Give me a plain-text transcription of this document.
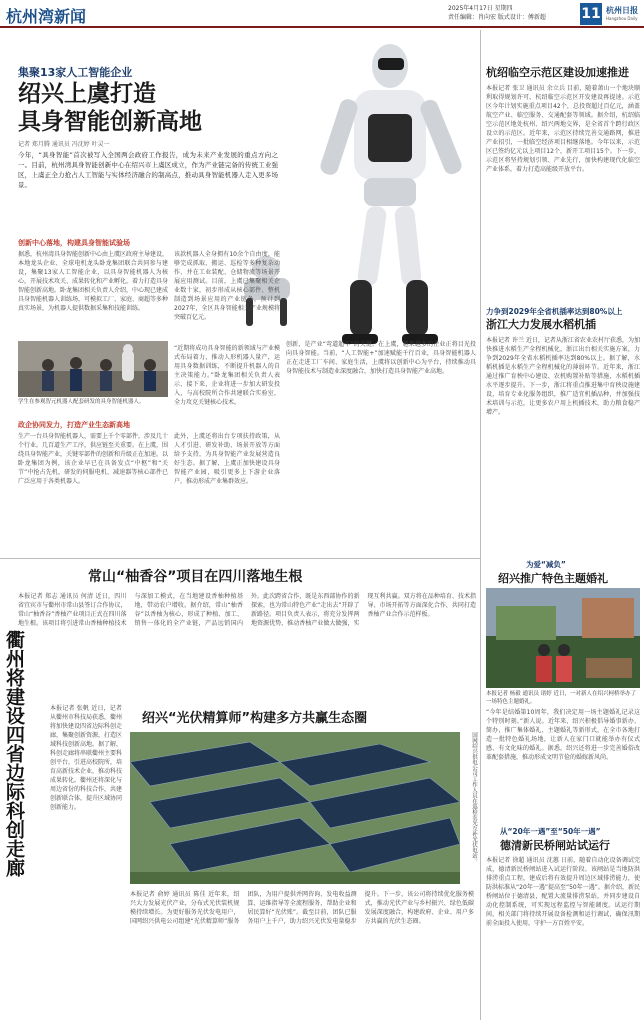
杭州湾新闻	2025年4月17日 星期四
责任编辑：肖向宏 版式设计：傅新超	11 杭州日报
Hangzhou Daily
集聚13家人工智能企业
绍兴上虞打造
具身智能创新高地
记者 郑月腾 通讯员 冯沈婷 叶灵一
今年，“具身智能”首次被写入全国两会政府工作报告，成为未来产业发展的重点方向之一。目前，杭州湾具身智能创新中心在绍兴市上虞区成立，作为产业链完备的传统工业强区，上虞正全力抢占人工智能与实体经济融合的制高点，推动具身智能机器人走入更多场景。
创新中心落地，构建具身智能试验场
据悉，杭州湾具身智能创新中心由上虞区政府主导建设，本地龙头企业、全球电机龙头卧龙集团联合共同参与建设，集聚13家人工智能企业，以具身智能机器人为核心，开展技术攻关、成果转化和产业孵化，着力打造具身智能创新高地。卧龙集团相关负责人介绍，中心现已建成具身智能机器人训练场，可模拟工厂、家庭、商超等多种真实场景，为机器人提供数据采集和技能训练。
学生在参观智元机器人配套研发的具身智能机器人。
政企协同发力，打造产业生态新高地
生产一台具身智能机器人，需要上千个零部件，涉及几十个行业。几百道生产工序，供应链至关重要。在上虞，围绕具身智能产业，关键零部件的创新和升级正在加速。以卧龙集团为例，该企业早已在具备发点“中枢”和“关节”中抢占先机，研发的伺服电机、减速器等核心部件已广泛应用于各类机器人。
该款机器人全身拥有10余个自由度，能够完成抓取、搬运、巡检等多种复杂动作，并在工业装配、仓储物流等场景开展应用测试。目前，上虞已集聚相关企业数十家，初步形成从核心部件、整机制造到场景应用的产业链条，预计到2027年，全区具身智能相关产业规模将突破百亿元。
“近期将成功具身智能的新领域与产业模式布局着力，推动人形机器人量产，运用具身数据训练，不断提升机器人的自主决策能力。”卧龙集团相关负责人表示，接下来，企业将进一步加大研发投入，与高校院所合作共建联合实验室，全力攻克关键核心技术。
此外，上虞还将出台专项扶持政策，从人才引进、研发补助、场景开放等方面给予支持，为具身智能产业发展营造良好生态。据了解，上虞正加快建设具身智能产业园，吸引更多上下游企业落户，推动形成产业集群效应。
创新，是产业“弯道超车”的关键。在上虞，越来越多的企业正将目光投向具身智能。当前，“人工智能+”加速赋能千行百业，具身智能机器人正在走进工厂车间、家庭生活，上虞将以创新中心为平台，持续推动具身智能技术与制造业深度融合，加快打造具身智能产业高地。
杭绍临空示范区建设加速推进
本报记者 张卫 通讯员 余立兵 目前，随着萧山一个地块顺利取得规划许可，杭绍临空示范区开发建设再提速。示范区今年计划实施重点项目42个，总投资超过百亿元，涵盖航空产业、临空服务、交通配套等领域。据介绍，杭绍临空示范区地处杭州、绍兴两地交界，是全省首个跨行政区设立的示范区。近年来，示范区持续完善交通路网，推进产业招引，一批临空经济项目相继落地。今年以来，示范区已签约亿元以上项目12个，新开工项目15个。下一步，示范区将坚持规划引领、产业先行，加快构建现代化临空产业体系，着力打造高能级开放平台。
力争到2029年全省机插率达到80%以上
浙江大力发展水稻机插
本报记者 许兰 近日，记者从浙江省农业农村厅获悉，为加快推进水稻生产全程机械化，浙江出台相关实施方案，力争到2029年全省水稻机插率达到80%以上。据了解，水稻机插是水稻生产全程机械化的薄弱环节。近年来，浙江通过推广育秧中心建设、农机购置补贴等措施，水稻机插水平逐步提升。下一步，浙江将重点推进集中育秧设施建设，培育专业化服务组织，推广适宜机插品种，并加强技术培训与示范，让更多农户用上机插技术，助力粮食稳产增产。
为爱“减负”
绍兴推广特色主题婚礼
本报记者 杨毅 通讯员 诸婷 近日，一对新人在绍兴柯桥举办了一场特色主题婚礼。
“今年是结婚第10周年，我们决定用一场主题婚礼记录这个特别时刻。”新人说。近年来，绍兴积极倡导婚事新办、简办，推广集体婚礼、主题婚礼等新形式，在全市各地打造一批特色婚礼场地，让新人在家门口就能举办有仪式感、有文化味的婚礼。据悉，绍兴还将进一步完善婚俗改革配套措施，推动形成文明节俭的婚嫁新风尚。
从“20年一遇”至“50年一遇”
德清新民桥闸站试运行
本报记者 徐超 通讯员 沈蕙 日前，随着自动化设备调试完成，德清新民桥闸站进入试运行阶段。该闸站是当地防洪排涝重点工程，建成后将有效提升周边区域排涝能力，使防洪标准从“20年一遇”提高至“50年一遇”。据介绍，新民桥闸站位于德清县，配置大流量排涝泵站，并同步建设自动化控制系统，可实现远程监控与智能调度。试运行期间，相关部门将持续开展设备检测和运行调试，确保汛期前全面投入使用，守护一方百姓平安。
常山“柚香谷”项目在四川落地生根
本报记者 郑志 通讯员 何清 近日，四川省宜宾市与衢州市常山县签订合作协议，常山“柚香谷”香柚产业项目正式在四川落地生根。该项目将引进常山香柚种植技术与深加工模式，在当地建设香柚种植基地，带动农户增收。据介绍，常山“柚香谷”以香柚为核心，形成了种植、加工、销售一体化的全产业链，产品远销国内外。此次跨省合作，既是东西部协作的新探索，也为常山特色产业“走出去”开辟了新路径。项目负责人表示，将充分发挥两地资源优势，推动香柚产业做大做强，实现互利共赢。双方将在品种培育、技术指导、市场开拓等方面深化合作，共同打造香柚产业合作示范样板。
衢州将建设四省边际科创走廊	本报记者 张帆 近日，记者从衢州市科技局获悉，衢州将加快建设四省边际科创走廊，集聚创新资源，打造区域科技创新高地。据了解，科创走廊将串联衢州主要科创平台，引进高校院所，培育高新技术企业，推动科技成果转化。衢州还将深化与周边省份的科技合作，共建创新联合体，提升区域协同创新能力。
绍兴“光伏精算师”构建多方共赢生态圈
国网绍兴供电公司工作人员在巡检农光互补光伏电站。
本报记者 俞婷 通讯员 陈佳 近年来，绍兴大力发展光伏产业，分布式光伏装机规模持续增长。为更好服务光伏发电用户，国网绍兴供电公司组建“光伏精算师”服务团队，为用户提供并网咨询、发电收益测算、运维指导等全流程服务，帮助企业和居民算好“光伏账”。截至目前，团队已服务用户上千户，助力绍兴光伏发电量稳步提升。下一步，该公司将持续优化服务模式，推动光伏产业与乡村振兴、绿色低碳发展深度融合，构建政府、企业、用户多方共赢的光伏生态圈。
